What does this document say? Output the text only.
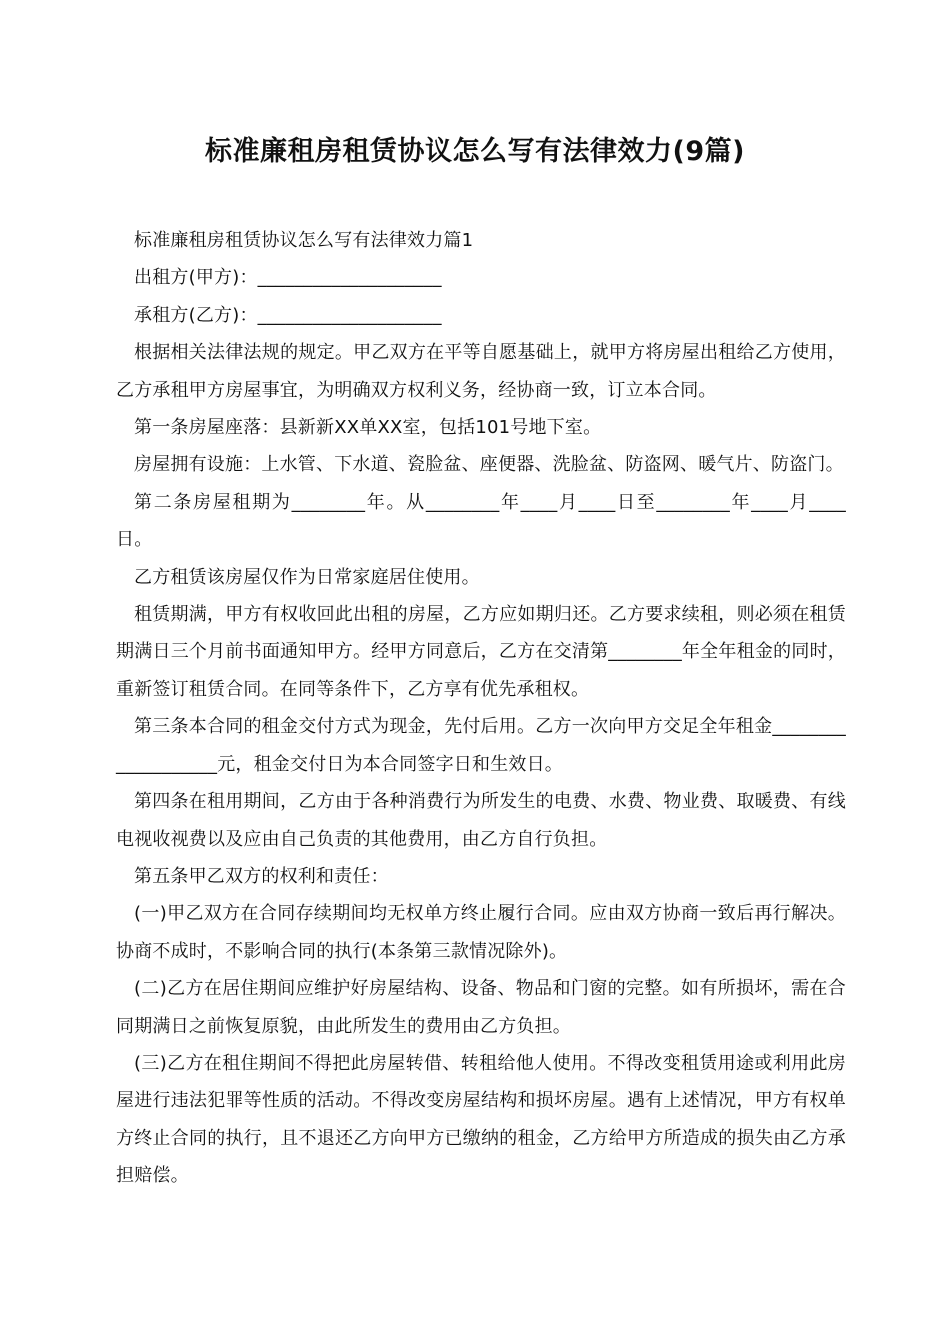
标准廉租房租赁协议怎么写有法律效力(9篇)

标准廉租房租赁协议怎么写有法律效力篇1

出租方(甲方)：____________________

承租方(乙方)：____________________

根据相关法律法规的规定。甲乙双方在平等自愿基础上，就甲方将房屋出租给乙方使用，乙方承租甲方房屋事宜，为明确双方权利义务，经协商一致，订立本合同。

第一条房屋座落：县新新XX单XX室，包括101号地下室。

房屋拥有设施：上水管、下水道、瓷脸盆、座便器、洗脸盆、防盗网、暖气片、防盗门。

第二条房屋租期为________年。从________年____月____日至________年____月____日。

乙方租赁该房屋仅作为日常家庭居住使用。

租赁期满，甲方有权收回此出租的房屋，乙方应如期归还。乙方要求续租，则必须在租赁期满日三个月前书面通知甲方。经甲方同意后，乙方在交清第________年全年租金的同时，重新签订租赁合同。在同等条件下，乙方享有优先承租权。

第三条本合同的租金交付方式为现金，先付后用。乙方一次向甲方交足全年租金___________________元，租金交付日为本合同签字日和生效日。

第四条在租用期间，乙方由于各种消费行为所发生的电费、水费、物业费、取暖费、有线电视收视费以及应由自己负责的其他费用，由乙方自行负担。

第五条甲乙双方的权利和责任：

(一)甲乙双方在合同存续期间均无权单方终止履行合同。应由双方协商一致后再行解决。协商不成时，不影响合同的执行(本条第三款情况除外)。

(二)乙方在居住期间应维护好房屋结构、设备、物品和门窗的完整。如有所损坏，需在合同期满日之前恢复原貌，由此所发生的费用由乙方负担。

(三)乙方在租住期间不得把此房屋转借、转租给他人使用。不得改变租赁用途或利用此房屋进行违法犯罪等性质的活动。不得改变房屋结构和损坏房屋。遇有上述情况，甲方有权单方终止合同的执行，且不退还乙方向甲方已缴纳的租金，乙方给甲方所造成的损失由乙方承担赔偿。
